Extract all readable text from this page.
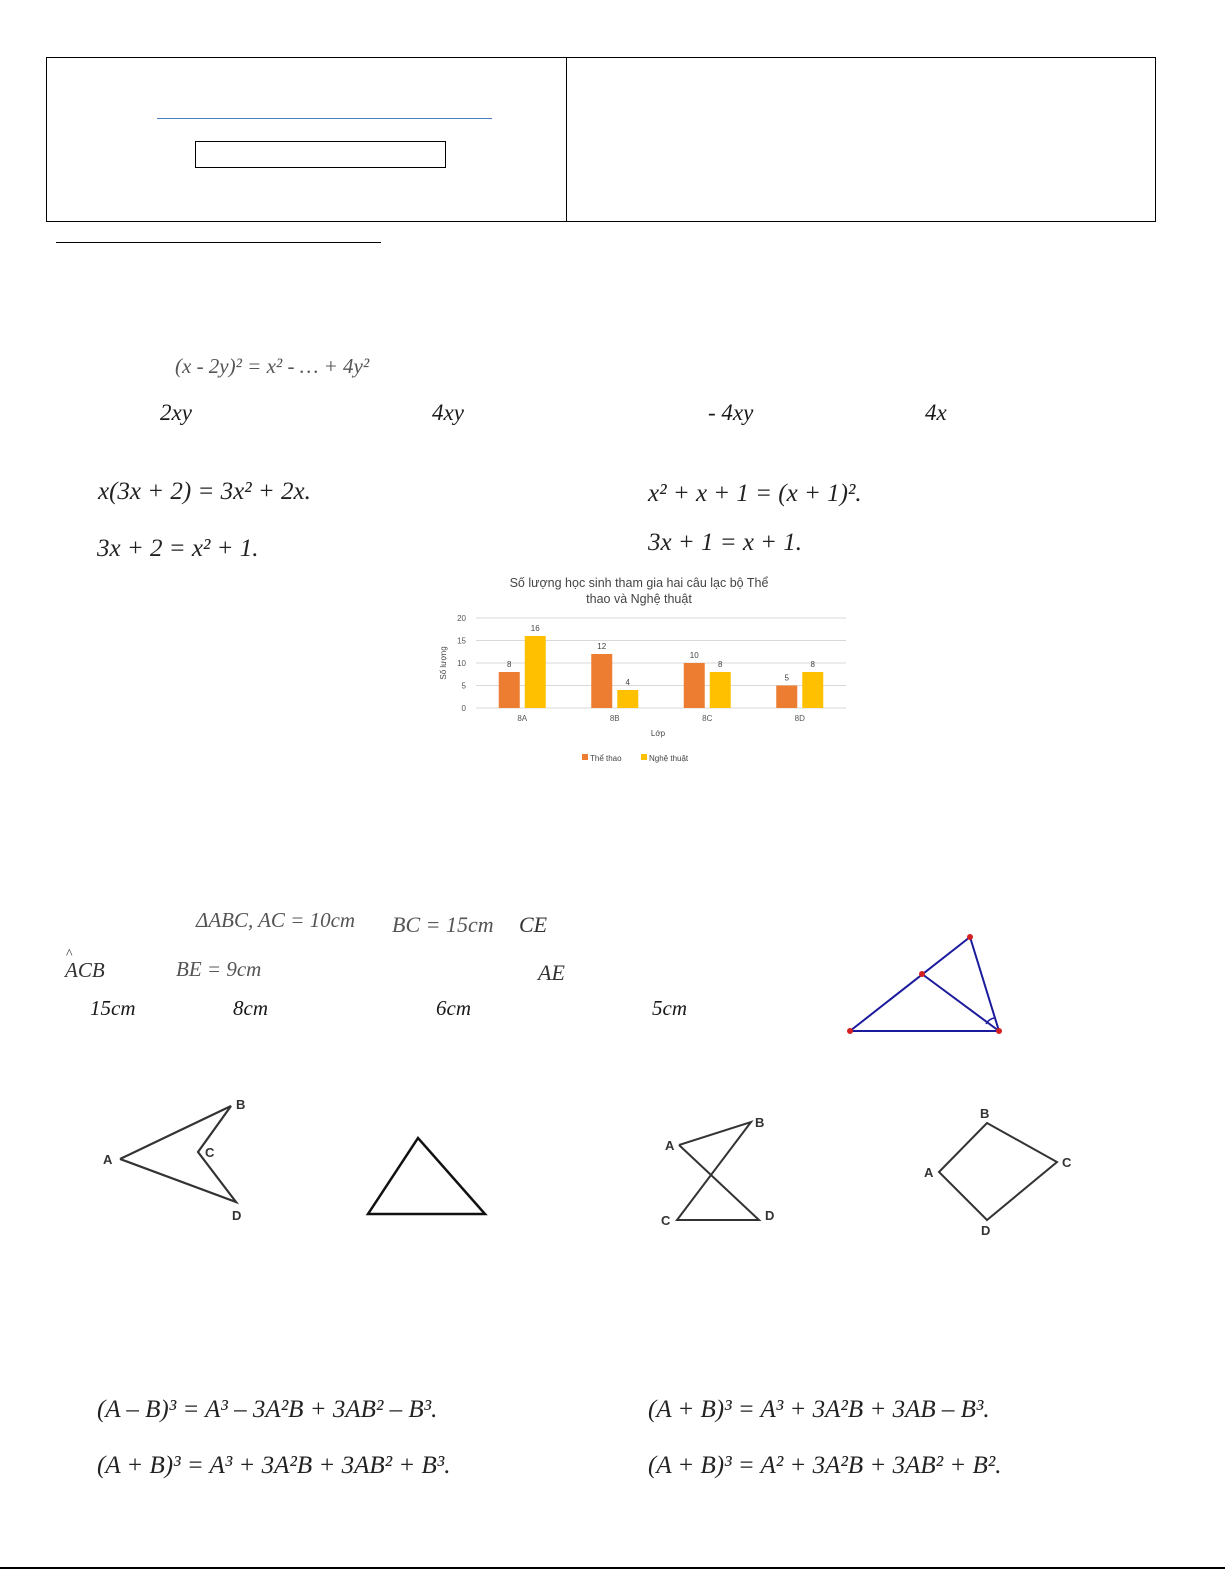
(x - 2y)² = x² - … + 4y²
2xy	4xy	- 4xy	4x
x(3x + 2) = 3x² + 2x.	x² + x + 1 = (x + 1)².
3x + 2 = x² + 1.	3x + 1 = x + 1.
Số lượng học sinh tham gia hai câu lạc bộ Thể
thao và Nghệ thuật
0
5
10
15
20
8
16
8A
12
4
8B
10
8
8C
5
8
8D
Số lượng
Lớp
Thể thao	Nghệ thuật
ΔABC, AC = 10cm BC = 15cm CE
^
ACB	BE = 9cm	AE
15cm	8cm	6cm	5cm
A
B
C
D
A
B
C	D
A
B
C
D
(A – B)³ = A³ – 3A²B + 3AB² – B³.	(A + B)³ = A³ + 3A²B + 3AB – B³.
(A + B)³ = A³ + 3A²B + 3AB² + B³.	(A + B)³ = A² + 3A²B + 3AB² + B².
